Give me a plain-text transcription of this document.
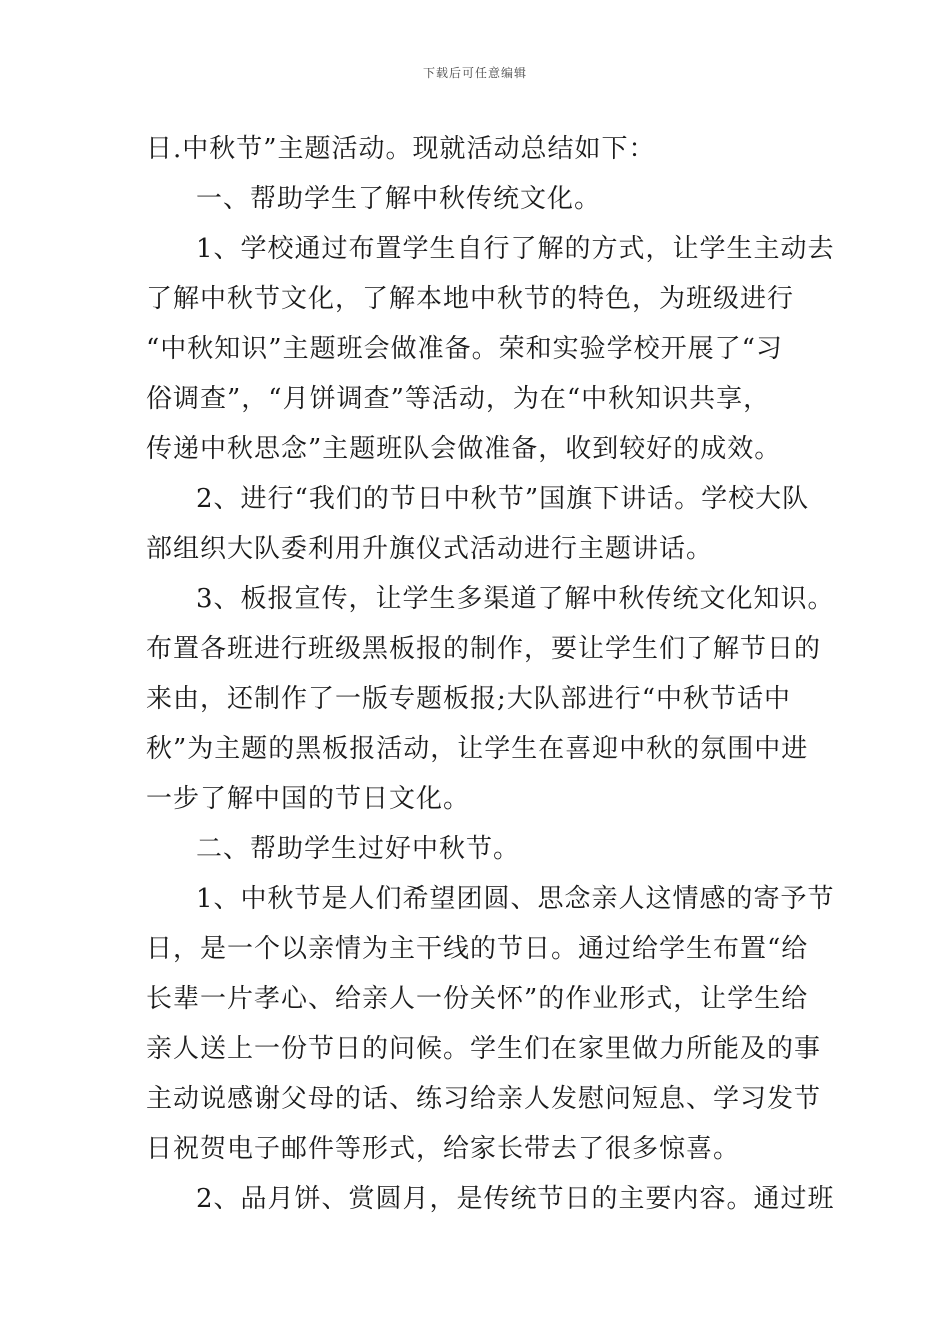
下载后可任意编辑
日.中秋节”主题活动。现就活动总结如下：
一、帮助学生了解中秋传统文化。
1、学校通过布置学生自行了解的方式，让学生主动去
了解中秋节文化，了解本地中秋节的特色，为班级进行
“中秋知识”主题班会做准备。荣和实验学校开展了“习
俗调查”，“月饼调查”等活动，为在“中秋知识共享，
传递中秋思念”主题班队会做准备，收到较好的成效。
2、进行“我们的节日中秋节”国旗下讲话。学校大队
部组织大队委利用升旗仪式活动进行主题讲话。
3、板报宣传，让学生多渠道了解中秋传统文化知识。
布置各班进行班级黑板报的制作，要让学生们了解节日的
来由，还制作了一版专题板报;大队部进行“中秋节话中
秋”为主题的黑板报活动，让学生在喜迎中秋的氛围中进
一步了解中国的节日文化。
二、帮助学生过好中秋节。
1、中秋节是人们希望团圆、思念亲人这情感的寄予节
日，是一个以亲情为主干线的节日。通过给学生布置“给
长辈一片孝心、给亲人一份关怀”的作业形式，让学生给
亲人送上一份节日的问候。学生们在家里做力所能及的事
主动说感谢父母的话、练习给亲人发慰问短息、学习发节
日祝贺电子邮件等形式，给家长带去了很多惊喜。
2、品月饼、赏圆月，是传统节日的主要内容。通过班
